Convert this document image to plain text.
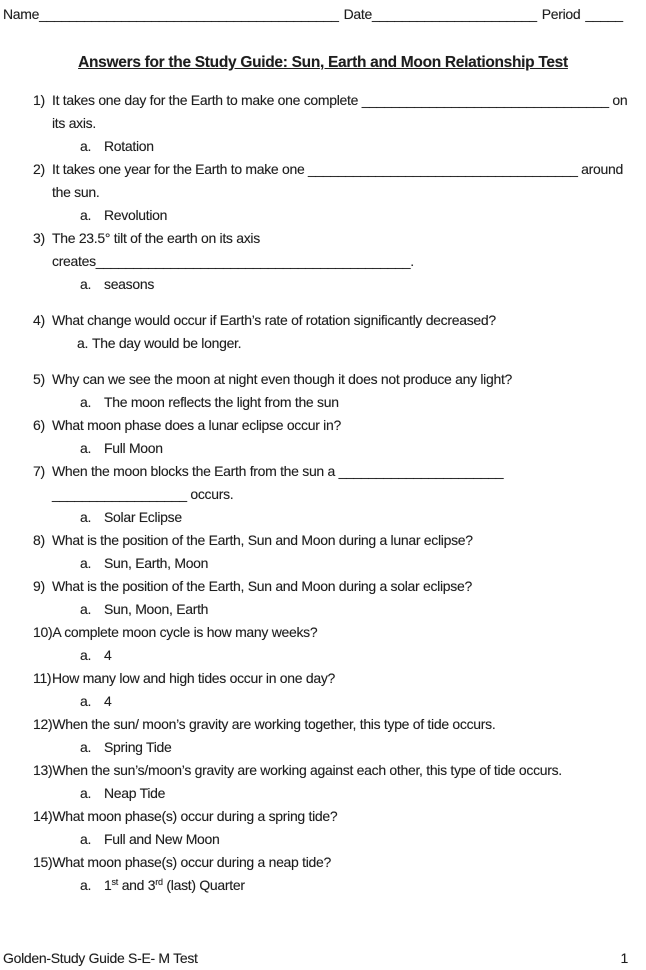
Name________________________________________ Date______________________ Period _____
Answers for the Study Guide: Sun, Earth and Moon Relationship Test
1) It takes one day for the Earth to make one complete _________________________________ on
its axis.
a. Rotation
2) It takes one year for the Earth to make one ____________________________________ around
the sun.
a. Revolution
3) The 23.5° tilt of the earth on its axis
creates__________________________________________.
a. seasons
4) What change would occur if Earth’s rate of rotation significantly decreased?
a. The day would be longer.
5) Why can we see the moon at night even though it does not produce any light?
a. The moon reflects the light from the sun
6) What moon phase does a lunar eclipse occur in?
a. Full Moon
7) When the moon blocks the Earth from the sun a ______________________
__________________ occurs.
a. Solar Eclipse
8) What is the position of the Earth, Sun and Moon during a lunar eclipse?
a. Sun, Earth, Moon
9) What is the position of the Earth, Sun and Moon during a solar eclipse?
a. Sun, Moon, Earth
10) A complete moon cycle is how many weeks?
a. 4
11) How many low and high tides occur in one day?
a. 4
12) When the sun/ moon’s gravity are working together, this type of tide occurs.
a. Spring Tide
13) When the sun’s/moon’s gravity are working against each other, this type of tide occurs.
a. Neap Tide
14) What moon phase(s) occur during a spring tide?
a. Full and New Moon
15) What moon phase(s) occur during a neap tide?
a. 1st and 3rd (last) Quarter
Golden-Study Guide S-E- M Test	1
